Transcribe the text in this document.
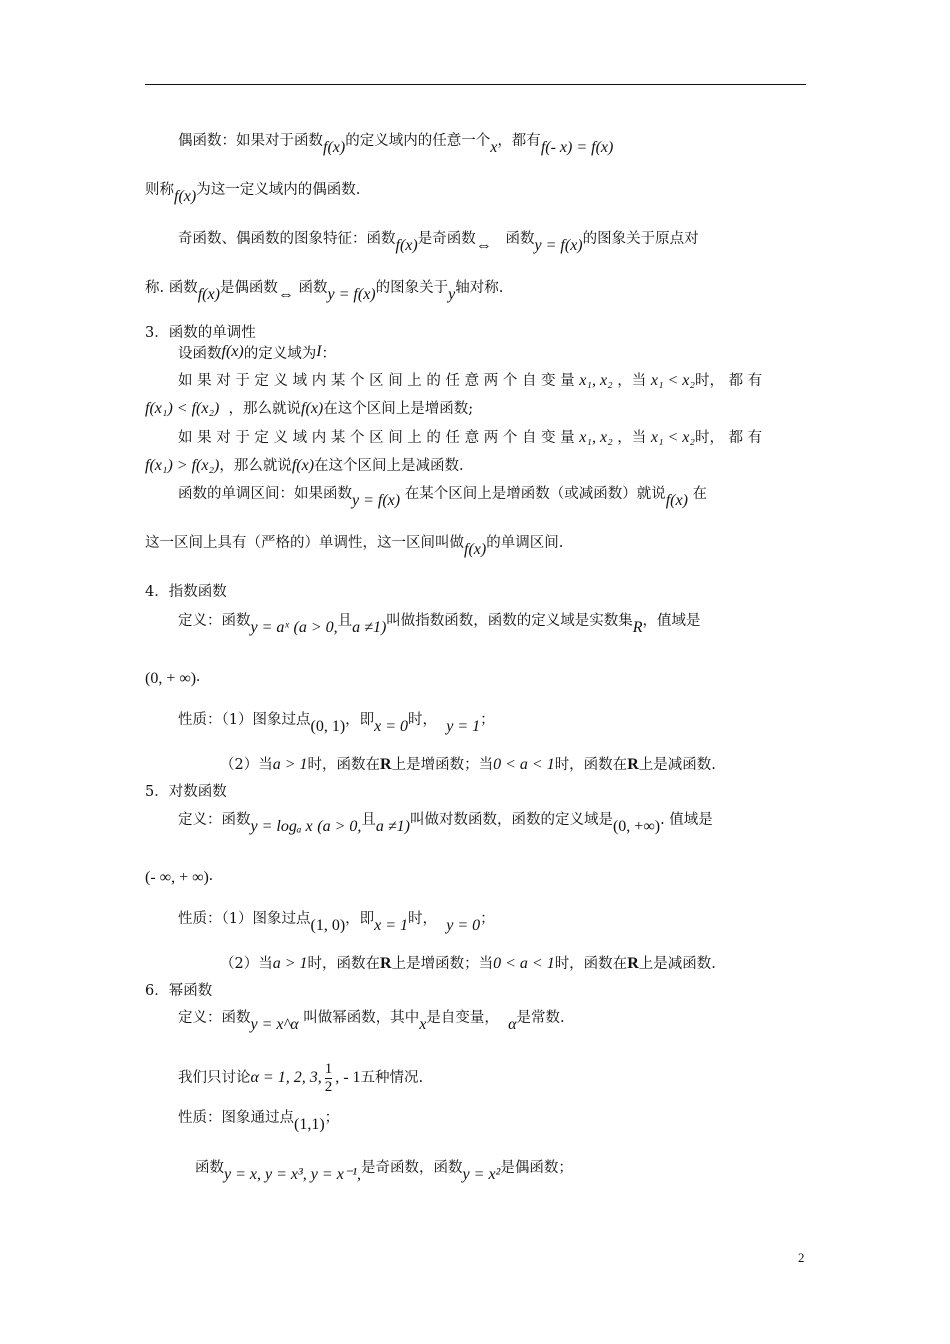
偶函数：如果对于函数f(x)的定义域内的任意一个x，都有f(- x) = f(x)
则称f(x)为这一定义域内的偶函数.
奇函数、偶函数的图象特征：函数f(x)是奇函数⇔ 函数y = f(x)的图象关于原点对
称. 函数f(x)是偶函数⇔ 函数y = f(x)的图象关于y轴对称.
3．函数的单调性
设函数f(x)的定义域为I：
如 果 对 于 定 义 域 内 某 个 区 间 上 的 任 意 两 个 自 变 量 x₁, x₂ ，当 x₁ < x₂时， 都 有
f(x₁) < f(x₂) ，那么就说f(x)在这个区间上是增函数;
如 果 对 于 定 义 域 内 某 个 区 间 上 的 任 意 两 个 自 变 量 x₁, x₂ ，当 x₁ < x₂时， 都 有
f(x₁) > f(x₂)，那么就说f(x)在这个区间上是减函数.
函数的单调区间：如果函数y = f(x) 在某个区间上是增函数（或减函数）就说f(x) 在
这一区间上具有（严格的）单调性，这一区间叫做f(x)的单调区间.
4．指数函数
定义：函数y = aˣ (a > 0,且a ≠1)叫做指数函数，函数的定义域是实数集R，值域是
(0, + ∞).
性质：（1）图象过点(0, 1)，即x = 0时， y = 1；
（2）当a > 1时，函数在R上是增函数；当0 < a < 1时，函数在R上是减函数.
5．对数函数
定义：函数y = logₐ x (a > 0,且a ≠1)叫做对数函数，函数的定义域是(0, +∞). 值域是
(- ∞, + ∞).
性质：（1）图象过点(1, 0)，即x = 1时， y = 0；
（2）当a > 1时，函数在R上是增函数；当0 < a < 1时，函数在R上是减函数.
6．幂函数
定义：函数y = x^α 叫做幂函数，其中x是自变量， α是常数.
我们只讨论α = 1, 2, 3, $\frac{1}{2}$ , - 1五种情况.
性质：图象通过点(1,1)；
函数y = x, y = x³, y = x⁻¹,是奇函数，函数y = x²是偶函数；
2
